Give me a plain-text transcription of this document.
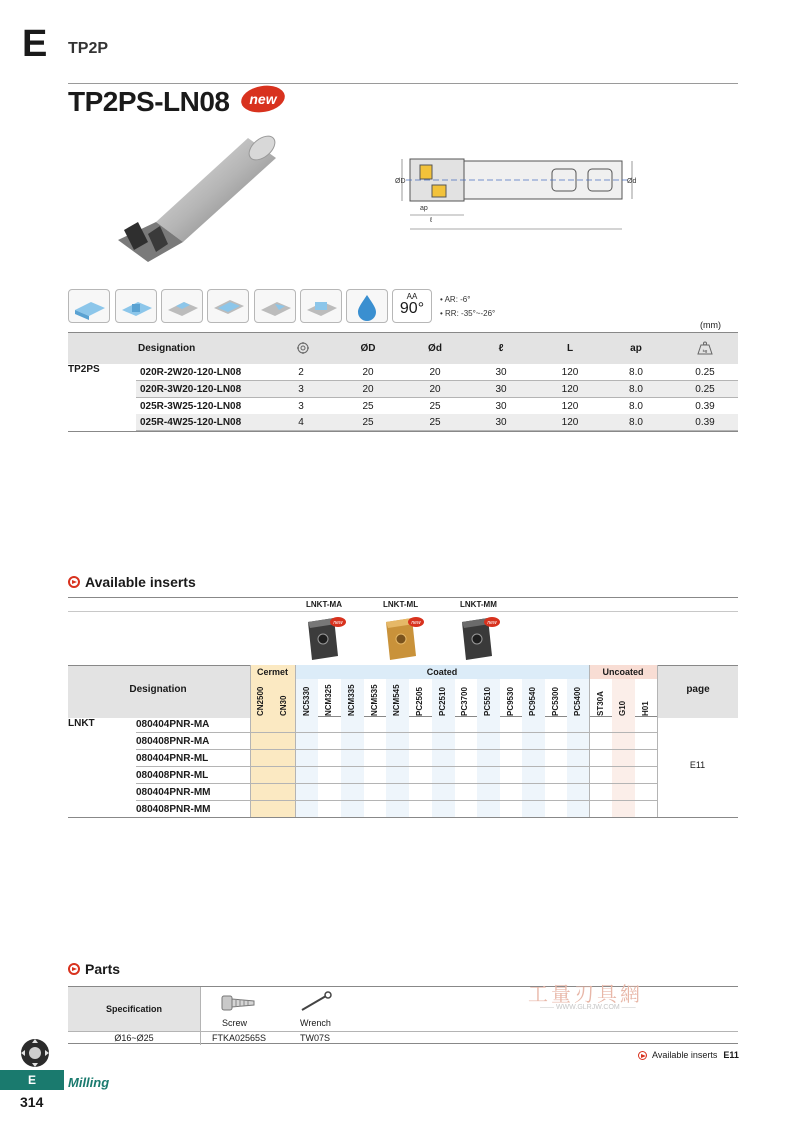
E TP2P
TP2PS-LN08 new
ØD	Ød
ℓ
ap
AA
90°
• AR: -6°
• RR: -35°~-26°
(mm)
Designation	ØD	Ød	ℓ	L	ap	kg
TP2PS	020R-2W20-120-LN08	2	20	20	30	120	8.0	0.25
020R-3W20-120-LN08	3	20	20	30	120	8.0	0.25
025R-3W25-120-LN08	3	25	25	30	120	8.0	0.39
025R-4W25-120-LN08	4	25	25	30	120	8.0	0.39
Available inserts
LNKT-MA	LNKT-ML	LNKT-MM
new	new	new
Designation	page
Cermet	Coated	Uncoated
CN2500	CN30	NC5330	NCM325	NCM335	NCM535	NCM545	PC2505	PC2510	PC3700	PC5510	PC9530	PC9540	PC5300	PC5400	ST30A	G10	H01
LNKT	080404PNR-MA
080408PNR-MA
080404PNR-ML
080408PNR-ML
080404PNR-MM
080408PNR-MM
E11
Parts
Specification
Screw	Wrench
Ø16~Ø25	FTKA02565S	TW07S
工量刃具網
—— WWW.GLRJW.COM ——
Available inserts E11
E	Milling
314
